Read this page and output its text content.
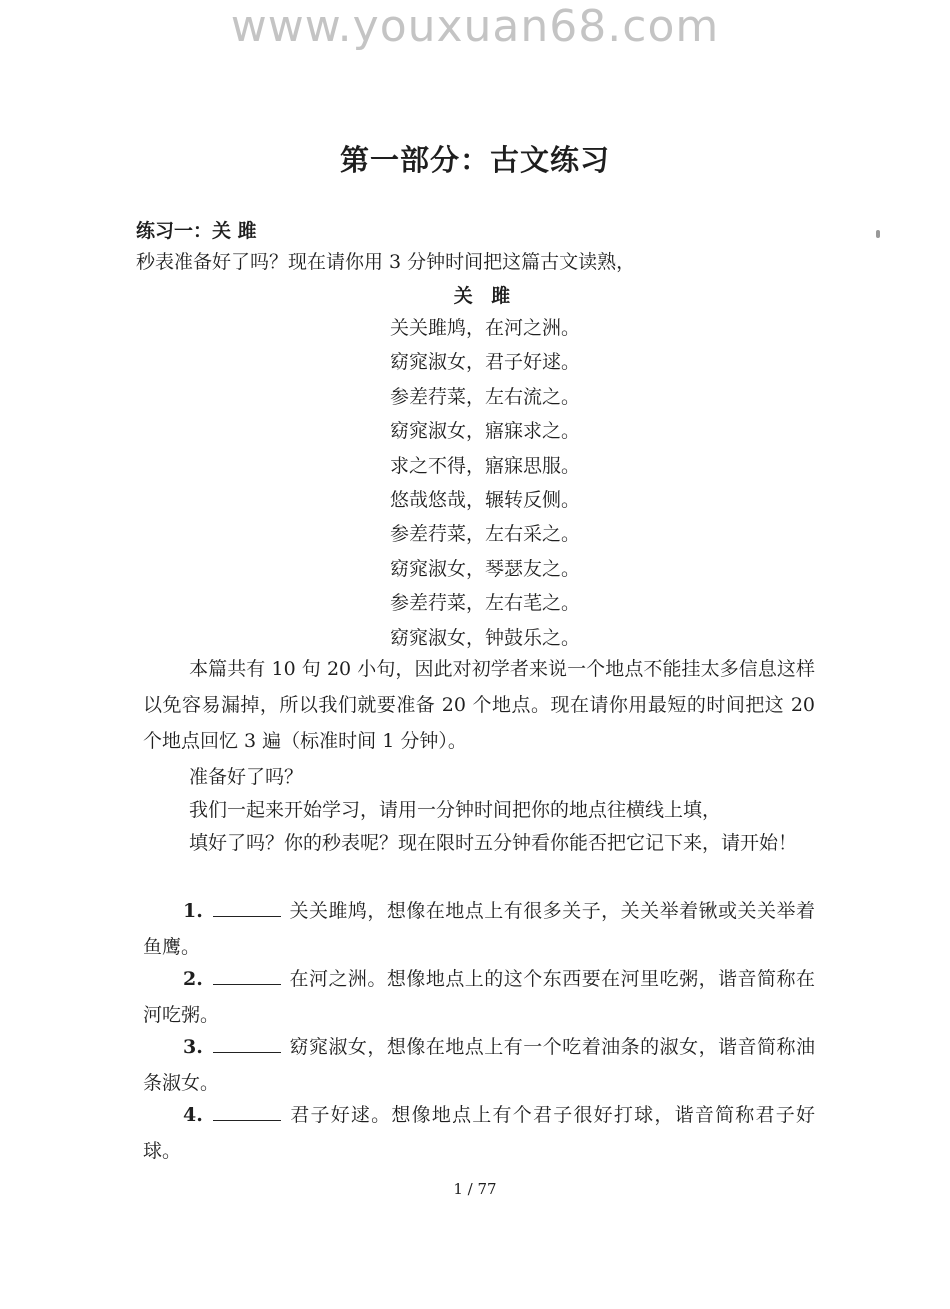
www.youxuan68.com
第一部分：古文练习
练习一：关 雎
秒表准备好了吗？现在请你用 3 分钟时间把这篇古文读熟，
关 雎
关关雎鸠，在河之洲。
窈窕淑女，君子好逑。
参差荇菜，左右流之。
窈窕淑女，寤寐求之。
求之不得，寤寐思服。
悠哉悠哉，辗转反侧。
参差荇菜，左右采之。
窈窕淑女，琴瑟友之。
参差荇菜，左右芼之。
窈窕淑女，钟鼓乐之。
本篇共有 10 句 20 小句，因此对初学者来说一个地点不能挂太多信息这样以免容易漏掉，所以我们就要准备 20 个地点。现在请你用最短的时间把这 20 个地点回忆 3 遍（标准时间 1 分钟）。
准备好了吗？
我们一起来开始学习，请用一分钟时间把你的地点往横线上填，
填好了吗？你的秒表呢？现在限时五分钟看你能否把它记下来，请开始！
1.	关关雎鸠，想像在地点上有很多关子，关关举着锹或关关举着鱼鹰。
2.	在河之洲。想像地点上的这个东西要在河里吃粥，谐音简称在河吃粥。
3.	窈窕淑女，想像在地点上有一个吃着油条的淑女，谐音简称油条淑女。
4.	君子好逑。想像地点上有个君子很好打球，谐音简称君子好球。
1 / 77
